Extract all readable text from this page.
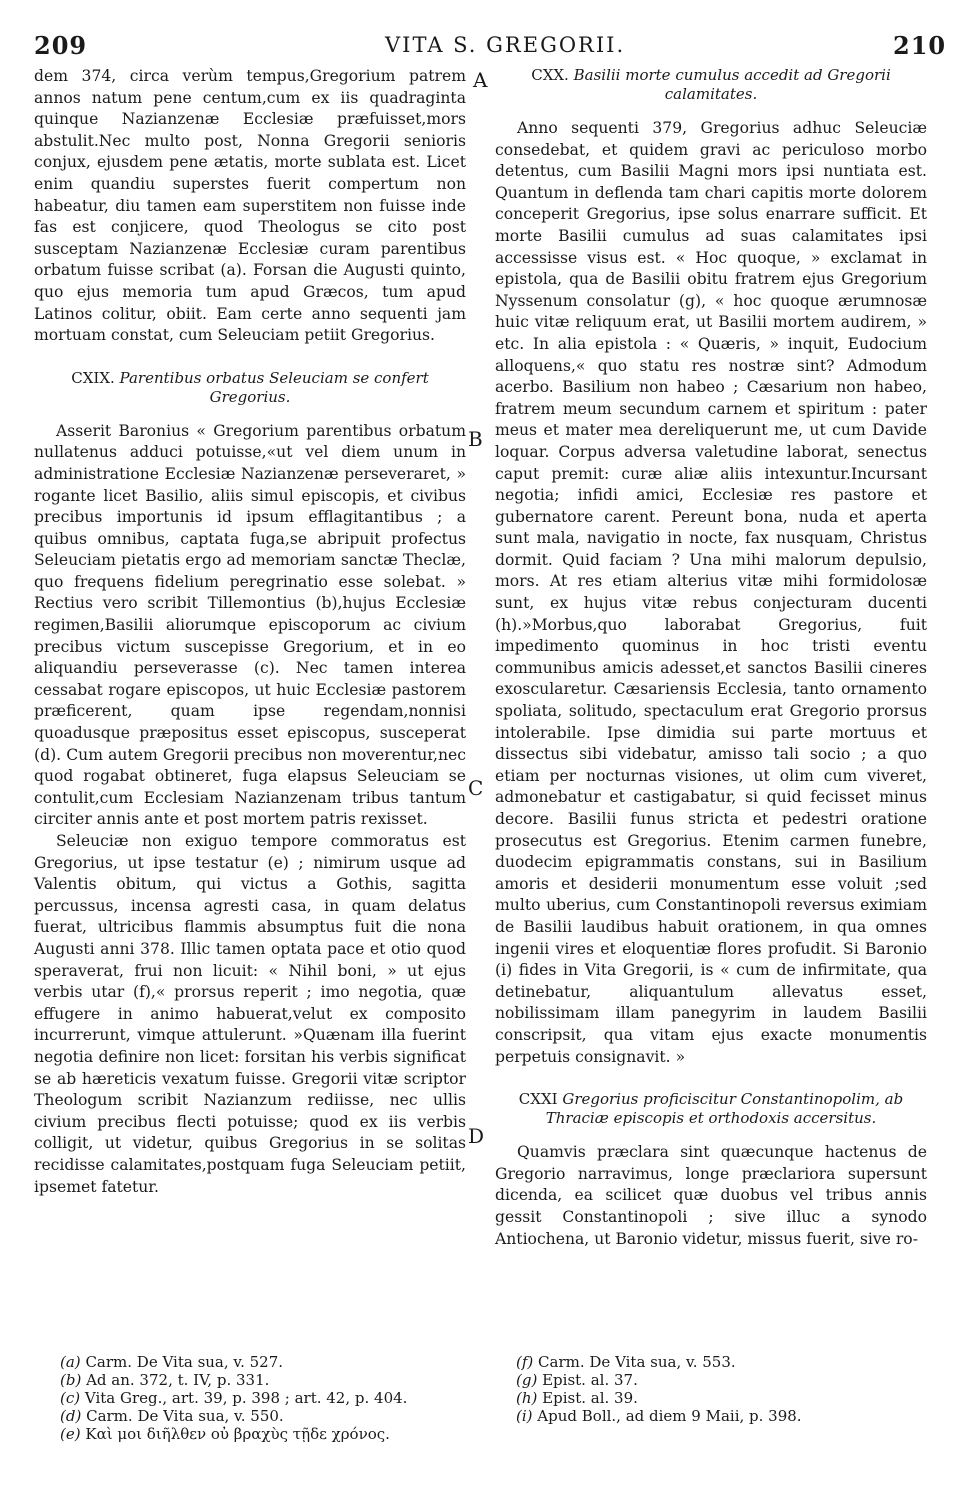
209	VITA S. GREGORII.	210
A
B
C
D

dem 374, circa verùm tempus,Gregorium patrem annos natum pene centum,cum ex iis quadraginta quinque Nazianzenæ Ecclesiæ præfuisset,mors abstulit.Nec multo post, Nonna Gregorii senioris conjux, ejusdem pene ætatis, morte sublata est. Licet enim quandiu superstes fuerit compertum non habeatur, diu tamen eam superstitem non fuisse inde fas est conjicere, quod Theologus se cito post susceptam Nazianzenæ Ecclesiæ curam parentibus orbatum fuisse scribat (a). Forsan die Augusti quinto, quo ejus memoria tum apud Græcos, tum apud Latinos colitur, obiit. Eam certe anno sequenti jam mortuam constat, cum Seleuciam petiit Gregorius.

CXIX. Parentibus orbatus Seleuciam se confert Gregorius.

Asserit Baronius « Gregorium parentibus orbatum nullatenus adduci potuisse,«ut vel diem unum in administratione Ecclesiæ Nazianzenæ perseveraret, » rogante licet Basilio, aliis simul episcopis, et civibus precibus importunis id ipsum efflagitantibus ; a quibus omnibus, captata fuga,se abripuit profectus Seleuciam pietatis ergo ad memoriam sanctæ Theclæ, quo frequens fidelium peregrinatio esse solebat. » Rectius vero scribit Tillemontius (b),hujus Ecclesiæ regimen,Basilii aliorumque episcoporum ac civium precibus victum suscepisse Gregorium, et in eo aliquandiu perseverasse (c). Nec tamen interea cessabat rogare episcopos, ut huic Ecclesiæ pastorem præficerent, quam ipse regendam,nonnisi quoadusque præpositus esset episcopus, susceperat (d). Cum autem Gregorii precibus non moverentur,nec quod rogabat obtineret, fuga elapsus Seleuciam se contulit,cum Ecclesiam Nazianzenam tribus tantum circiter annis ante et post mortem patris rexisset.

Seleuciæ non exiguo tempore commoratus est Gregorius, ut ipse testatur (e) ; nimirum usque ad Valentis obitum, qui victus a Gothis, sagitta percussus, incensa agresti casa, in quam delatus fuerat, ultricibus flammis absumptus fuit die nona Augusti anni 378. Illic tamen optata pace et otio quod speraverat, frui non licuit: « Nihil boni, » ut ejus verbis utar (f),« prorsus reperit ; imo negotia, quæ effugere in animo habuerat,velut ex composito incurrerunt, vimque attulerunt. »Quænam illa fuerint negotia definire non licet: forsitan his verbis significat se ab hæreticis vexatum fuisse. Gregorii vitæ scriptor Theologum scribit Nazianzum rediisse, nec ullis civium precibus flecti potuisse; quod ex iis verbis colligit, ut videtur, quibus Gregorius in se solitas recidisse calamitates,postquam fuga Seleuciam petiit, ipsemet fatetur.

CXX. Basilii morte cumulus accedit ad Gregorii calamitates.

Anno sequenti 379, Gregorius adhuc Seleuciæ consedebat, et quidem gravi ac periculoso morbo detentus, cum Basilii Magni mors ipsi nuntiata est. Quantum in deflenda tam chari capitis morte dolorem conceperit Gregorius, ipse solus enarrare sufficit. Et morte Basilii cumulus ad suas calamitates ipsi accessisse visus est. « Hoc quoque, » exclamat in epistola, qua de Basilii obitu fratrem ejus Gregorium Nyssenum consolatur (g), « hoc quoque ærumnosæ huic vitæ reliquum erat, ut Basilii mortem audirem, » etc. In alia epistola : « Quæris, » inquit, Eudocium alloquens,« quo statu res nostræ sint? Admodum acerbo. Basilium non habeo ; Cæsarium non habeo, fratrem meum secundum carnem et spiritum : pater meus et mater mea dereliquerunt me, ut cum Davide loquar. Corpus adversa valetudine laborat, senectus caput premit: curæ aliæ aliis intexuntur.Incursant negotia; infidi amici, Ecclesiæ res pastore et gubernatore carent. Pereunt bona, nuda et aperta sunt mala, navigatio in nocte, fax nusquam, Christus dormit. Quid faciam ? Una mihi malorum depulsio, mors. At res etiam alterius vitæ mihi formidolosæ sunt, ex hujus vitæ rebus conjecturam ducenti (h).»Morbus,quo laborabat Gregorius, fuit impedimento quominus in hoc tristi eventu communibus amicis adesset,et sanctos Basilii cineres exoscularetur. Cæsariensis Ecclesia, tanto ornamento spoliata, solitudo, spectaculum erat Gregorio prorsus intolerabile. Ipse dimidia sui parte mortuus et dissectus sibi videbatur, amisso tali socio ; a quo etiam per nocturnas visiones, ut olim cum viveret, admonebatur et castigabatur, si quid fecisset minus decore. Basilii funus stricta et pedestri oratione prosecutus est Gregorius. Etenim carmen funebre, duodecim epigrammatis constans, sui in Basilium amoris et desiderii monumentum esse voluit ;sed multo uberius, cum Constantinopoli reversus eximiam de Basilii laudibus habuit orationem, in qua omnes ingenii vires et eloquentiæ flores profudit. Si Baronio (i) fides in Vita Gregorii, is « cum de infirmitate, qua detinebatur, aliquantulum allevatus esset, nobilissimam illam panegyrim in laudem Basilii conscripsit, qua vitam ejus exacte monumentis perpetuis consignavit. »

CXXI Gregorius proficiscitur Constantinopolim, ab Thraciæ episcopis et orthodoxis accersitus.

Quamvis præclara sint quæcunque hactenus de Gregorio narravimus, longe præclariora supersunt dicenda, ea scilicet quæ duobus vel tribus annis gessit Constantinopoli ; sive illuc a synodo Antiochena, ut Baronio videtur, missus fuerit, sive ro-

(a) Carm. De Vita sua, v. 527.
(b) Ad an. 372, t. IV, p. 331.
(c) Vita Greg., art. 39, p. 398 ; art. 42, p. 404.
(d) Carm. De Vita sua, v. 550.
(e) Καὶ μοι διῆλθεν οὐ βραχὺς τῇδε χρόνος.
(f) Carm. De Vita sua, v. 553.
(g) Epist. al. 37.
(h) Epist. al. 39.
(i) Apud Boll., ad diem 9 Maii, p. 398.
